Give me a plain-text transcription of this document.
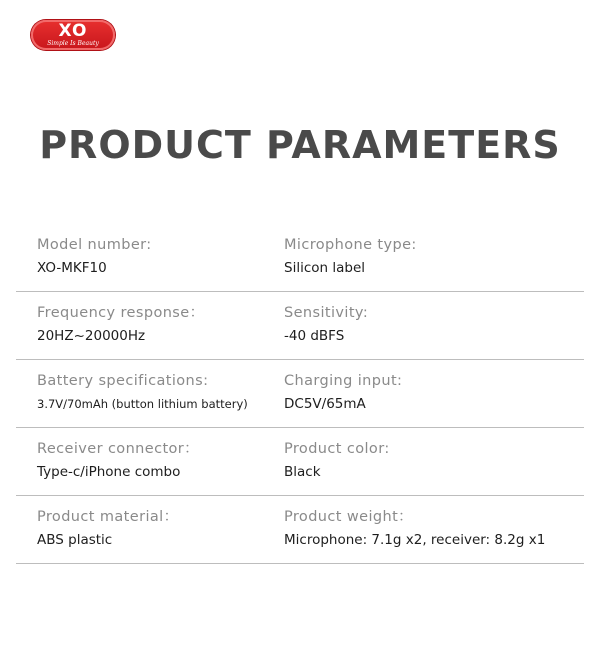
XO
Simple Is Beauty
PRODUCT PARAMETERS
Model number:
XO-MKF10
Microphone type:
Silicon label
Frequency response：
20HZ~20000Hz
Sensitivity:
-40 dBFS
Battery specifications:
3.7V/70mAh (button lithium battery)
Charging input:
DC5V/65mA
Receiver connector：
Type-c/iPhone combo
Product color:
Black
Product material：
ABS plastic
Product weight：
Microphone: 7.1g x2, receiver: 8.2g x1
